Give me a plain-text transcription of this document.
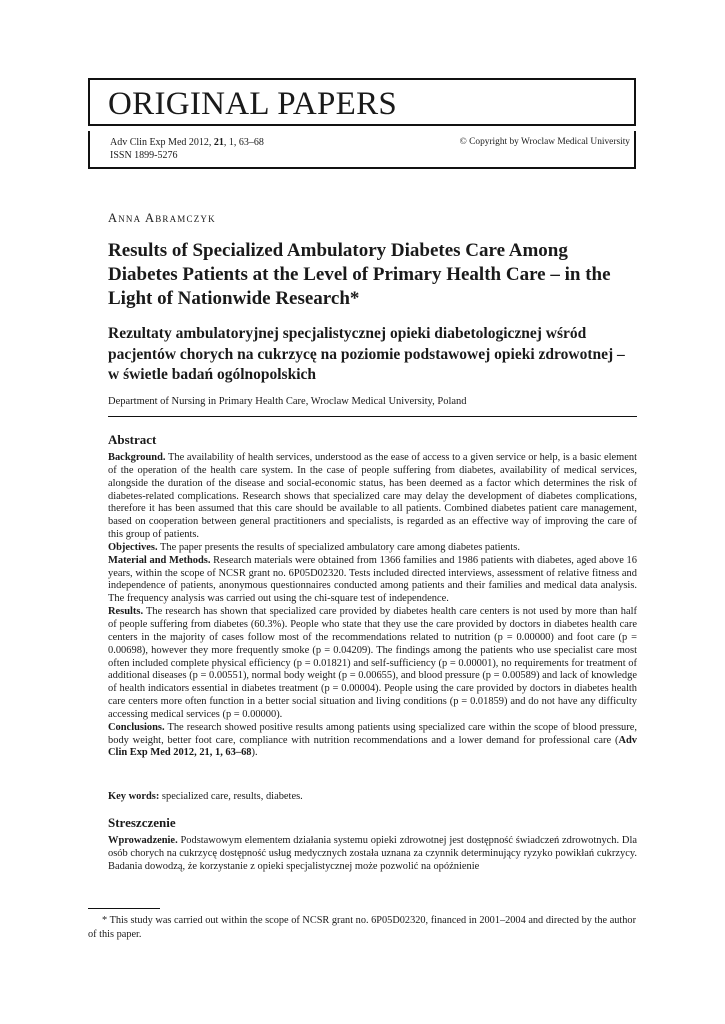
ORIGINAL PAPERS
Adv Clin Exp Med 2012, 21, 1, 63–68
ISSN 1899-5276
© Copyright by Wroclaw Medical University
Anna Abramczyk
Results of Specialized Ambulatory Diabetes Care Among Diabetes Patients at the Level of Primary Health Care – in the Light of Nationwide Research*
Rezultaty ambulatoryjnej specjalistycznej opieki diabetologicznej wśród pacjentów chorych na cukrzycę na poziomie podstawowej opieki zdrowotnej – w świetle badań ogólnopolskich
Department of Nursing in Primary Health Care, Wroclaw Medical University, Poland
Abstract

Background. The availability of health services, understood as the ease of access to a given service or help, is a basic element of the operation of the health care system. In the case of people suffering from diabetes, availability of medical services, alongside the duration of the disease and social-economic status, has been deemed as a factor which determines the risk of diabetes-related complications. Research shows that specialized care may delay the development of diabetes complications, therefore it has been assumed that this care should be available to all patients. Combined diabetes patient care management, based on cooperation between general practitioners and specialists, is regarded as an effective way of improving the care of this group of patients.

Objectives. The paper presents the results of specialized ambulatory care among diabetes patients.

Material and Methods. Research materials were obtained from 1366 families and 1986 patients with diabetes, aged above 16 years, within the scope of NCSR grant no. 6P05D02320. Tests included directed interviews, assessment of relative fitness and independence of patients, anonymous questionnaires conducted among patients and their families and medical data analysis. The frequency analysis was carried out using the chi-square test of independence.

Results. The research has shown that specialized care provided by diabetes health care centers is not used by more than half of people suffering from diabetes (60.3%). People who state that they use the care provided by doctors in diabetes health care centers in the majority of cases follow most of the recommendations related to nutrition (p = 0.00000) and foot care (p = 0.00698), however they more frequently smoke (p = 0.04209). The findings among the patients who use specialist care most often included complete physical efficiency (p = 0.01821) and self-sufficiency (p = 0.00001), no requirements for treatment of additional diseases (p = 0.00551), normal body weight (p = 0.00655), and blood pressure (p = 0.00589) and lack of knowledge of health indicators essential in diabetes treatment (p = 0.00004). People using the care provided by doctors in diabetes health care centers more often function in a better social situation and living conditions (p = 0.01859) and do not have any difficulty accessing medical services (p = 0.00000).

Conclusions. The research showed positive results among patients using specialized care within the scope of blood pressure, body weight, better foot care, compliance with nutrition recommendations and a lower demand for professional care (Adv Clin Exp Med 2012, 21, 1, 63–68).

Key words: specialized care, results, diabetes.
Streszczenie

Wprowadzenie. Podstawowym elementem działania systemu opieki zdrowotnej jest dostępność świadczeń zdrowotnych. Dla osób chorych na cukrzycę dostępność usług medycznych została uznana za czynnik determinujący ryzyko powikłań cukrzycy. Badania dowodzą, że korzystanie z opieki specjalistycznej może pozwolić na opóźnienie

* This study was carried out within the scope of NCSR grant no. 6P05D02320, financed in 2001–2004 and directed by the author of this paper.
